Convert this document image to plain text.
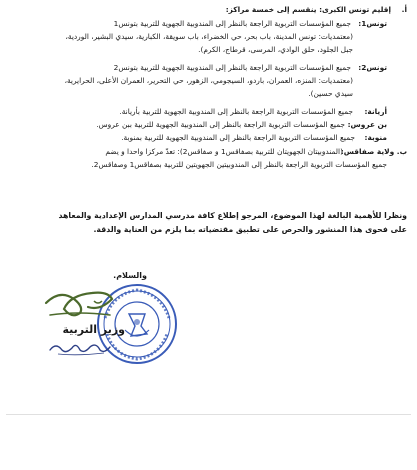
أ.
إقليم تونس الكبرى: ينقسم إلى خمسة مراكز:
تونس1:
جميع المؤسسات التربوية الراجعة بالنظر إلى المندوبية الجهوية للتربية بتونس1
(معتمديات: تونس المدينة، باب بحر، حي الخضراء، باب سويقة، الكبارية، سيدي البشير، الوردية،
جبل الجلود، حلق الوادي، المرسى، قرطاج، الكرم).
تونس2:
جميع المؤسسات التربوية الراجعة بالنظر إلى المندوبية الجهوية للتربية بتونس2
(معتمديات: المنزه، العمران، باردو، السيجومي، الزهور، حي التحرير، العمران الأعلى، الحرايرية،
سيدي حسين).
أريانة:
جميع المؤسسات التربوية الراجعة بالنظر إلى المندوبية الجهوية للتربية بأريانة.
بن عروس:
جميع المؤسسات التربوية الراجعة بالنظر إلى المندوبية الجهوية للتربية ببن عروس.
منوبة:
جميع المؤسسات التربوية الراجعة بالنظر إلى المندوبية الجهوية للتربية بمنوبة.
ب. ولاية صفاقس:
(المندوبيتان الجهويتان للتربية بصفاقس1 و صفاقس2): تعدّ مركزا واحدا و يضم
جميع المؤسسات التربوية الراجعة بالنظر إلى المندوبيتين الجهويتين للتربية بصفاقس1 وصفاقس2.
ونظرا للأهمية البالغة لهذا الموضوع، المرجو إطلاع كافة مدرسي المدارس الإعدادية والمعاهد
على فحوى هذا المنشور والحرص على تطبيق مقتضياته بما يلزم من العناية والدقة.
والسلام.
وزير التربية
